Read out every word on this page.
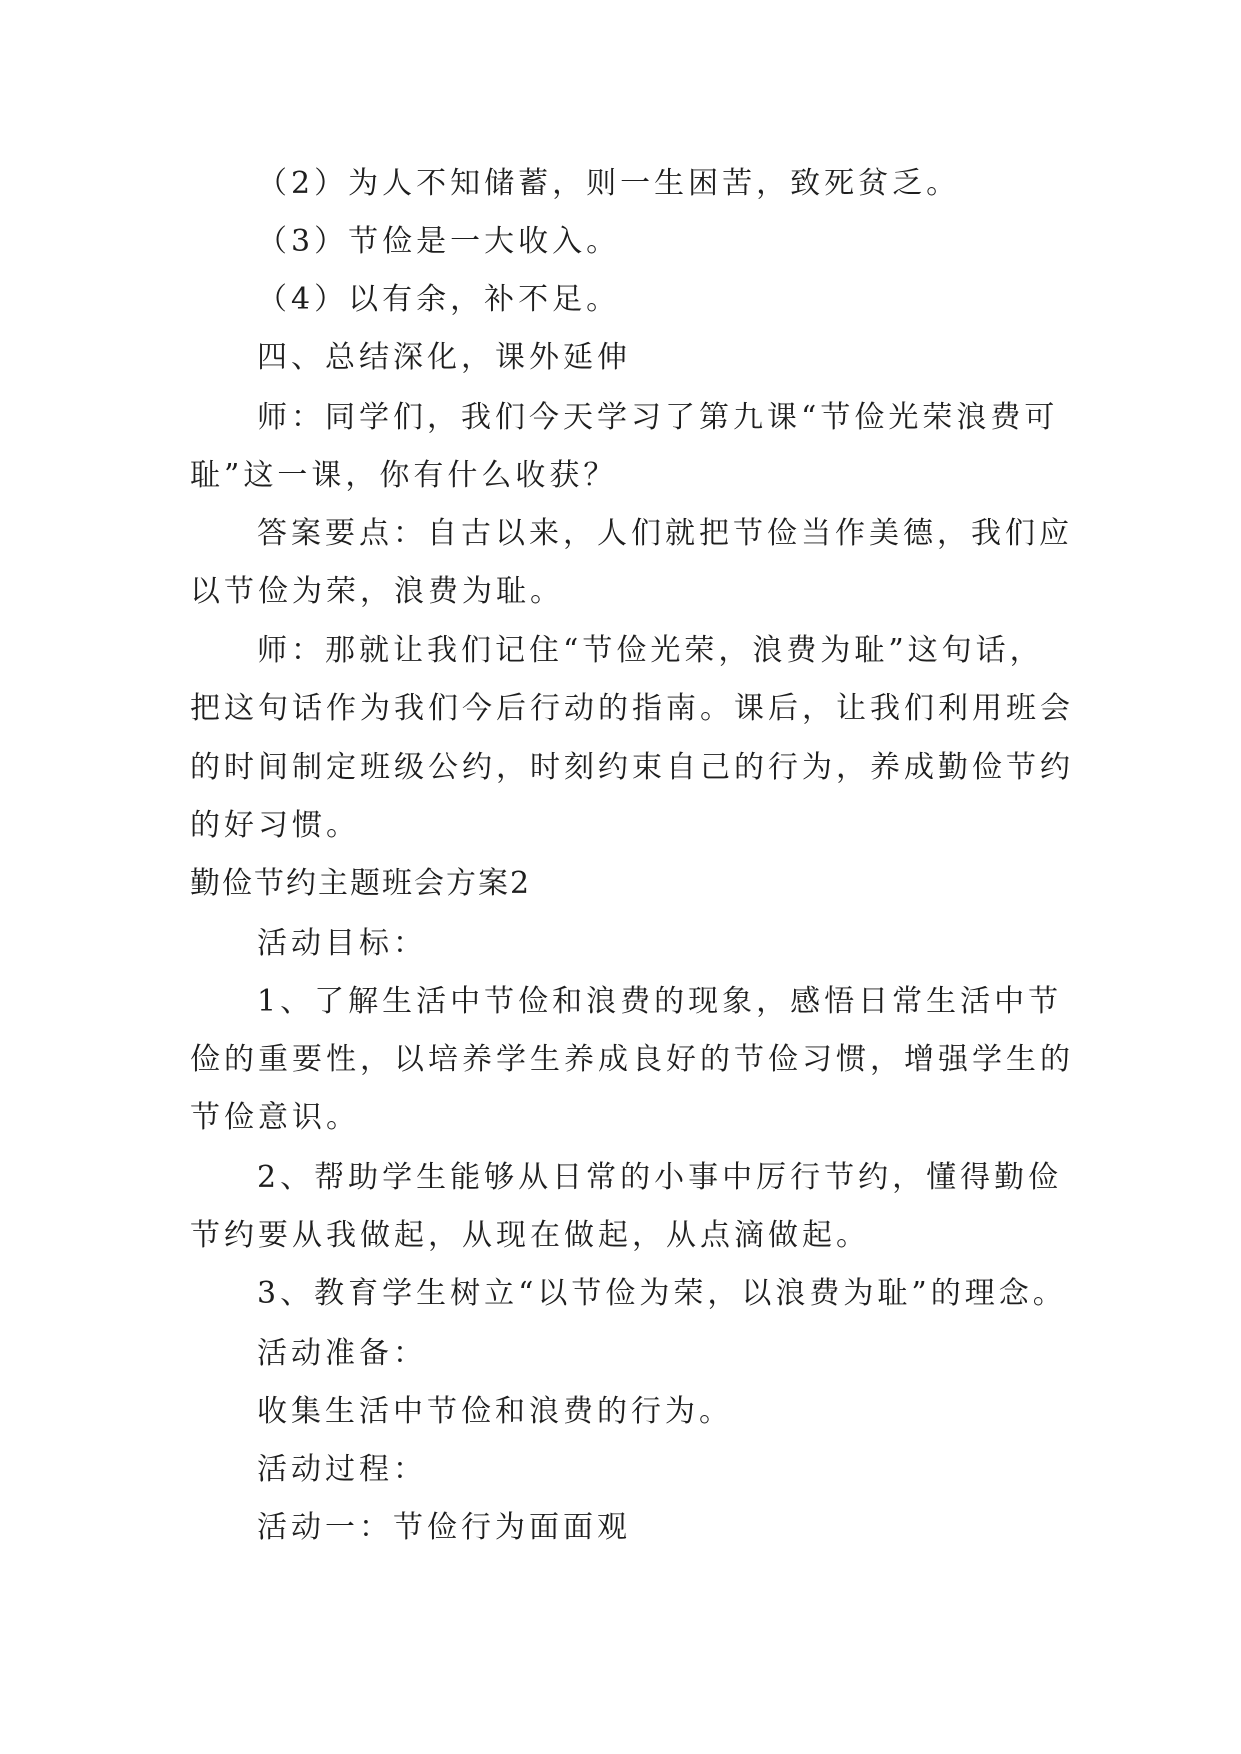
（2）为人不知储蓄，则一生困苦，致死贫乏。
（3）节俭是一大收入。
（4）以有余，补不足。
四、总结深化，课外延伸
师：同学们，我们今天学习了第九课“节俭光荣浪费可
耻”这一课，你有什么收获？
答案要点：自古以来，人们就把节俭当作美德，我们应
以节俭为荣，浪费为耻。
师：那就让我们记住“节俭光荣，浪费为耻”这句话，
把这句话作为我们今后行动的指南。课后，让我们利用班会
的时间制定班级公约，时刻约束自己的行为，养成勤俭节约
的好习惯。
勤俭节约主题班会方案2
活动目标：
1、了解生活中节俭和浪费的现象，感悟日常生活中节
俭的重要性，以培养学生养成良好的节俭习惯，增强学生的
节俭意识。
2、帮助学生能够从日常的小事中厉行节约，懂得勤俭
节约要从我做起，从现在做起，从点滴做起。
3、教育学生树立“以节俭为荣，以浪费为耻”的理念。
活动准备：
收集生活中节俭和浪费的行为。
活动过程：
活动一：节俭行为面面观
